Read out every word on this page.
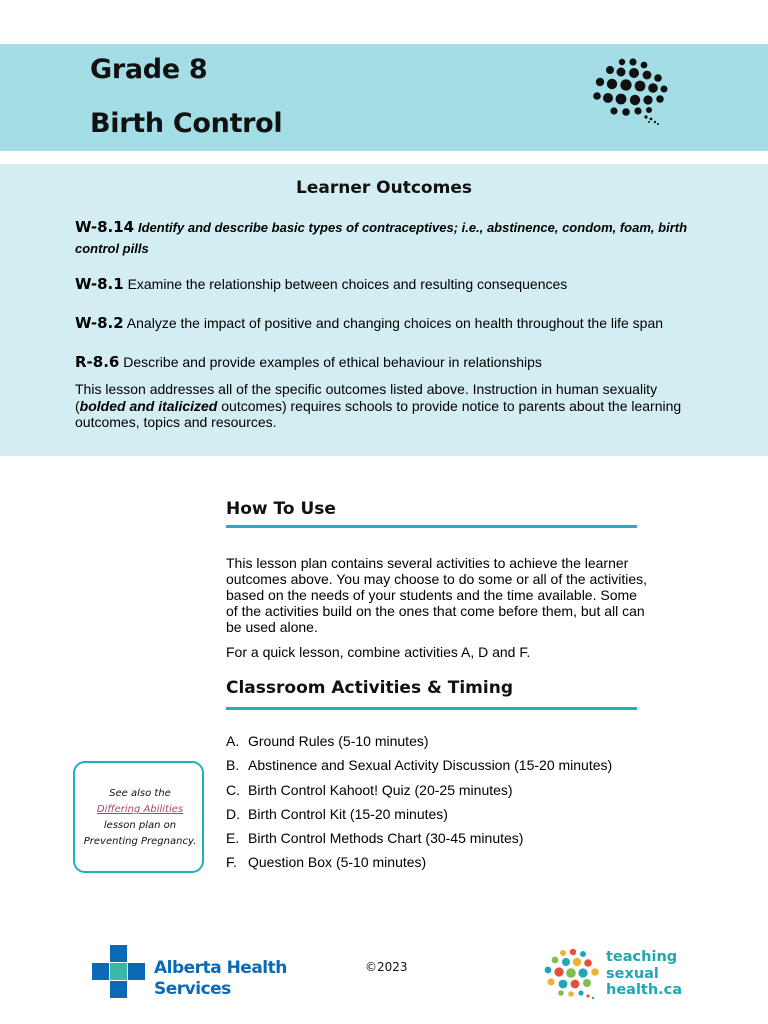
Grade 8
Birth Control
Learner Outcomes

W-8.14 Identify and describe basic types of contraceptives; i.e., abstinence, condom, foam, birth control pills

W-8.1 Examine the relationship between choices and resulting consequences

W-8.2 Analyze the impact of positive and changing choices on health throughout the life span

R-8.6 Describe and provide examples of ethical behaviour in relationships

This lesson addresses all of the specific outcomes listed above. Instruction in human sexuality (bolded and italicized outcomes) requires schools to provide notice to parents about the learning outcomes, topics and resources.

How To Use

This lesson plan contains several activities to achieve the learner outcomes above. You may choose to do some or all of the activities, based on the needs of your students and the time available. Some of the activities build on the ones that come before them, but all can be used alone.

For a quick lesson, combine activities A, D and F.

Classroom Activities & Timing

A. Ground Rules (5-10 minutes)

B. Abstinence and Sexual Activity Discussion (15-20 minutes)

C. Birth Control Kahoot! Quiz (20-25 minutes)

D. Birth Control Kit (15-20 minutes)

E. Birth Control Methods Chart (30-45 minutes)

F. Question Box (5-10 minutes)

See also the
Differing Abilities
lesson plan on
Preventing Pregnancy.

Alberta Health
Services

©2023

teaching
sexual
health.ca
